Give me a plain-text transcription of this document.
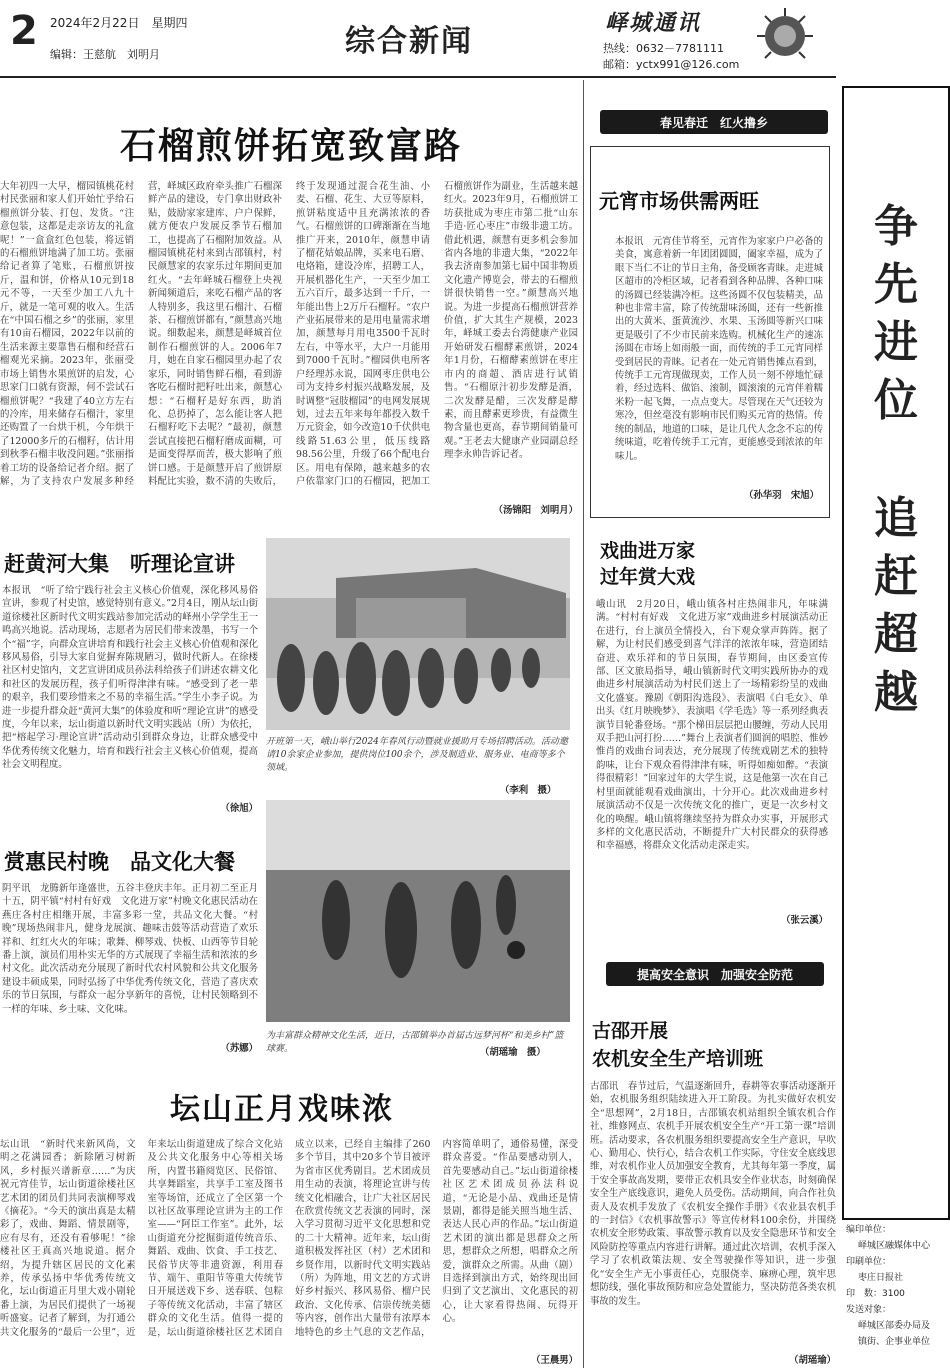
2 2024年2月22日　星期四
编辑：王慈航　刘明月	综合新闻
峄城通讯
热线：0632－7781111
邮箱：yctx991@126.com
石榴煎饼拓宽致富路
大年初四一大早，榴园镇桃花村村民张丽和家人们开始忙乎给石榴煎饼分装、打包、发货。“注意包装，这都是走亲访友的礼盒呢！”一盒盒红色包装，将远销的石榴煎饼地满了加工坊。张丽给记者算了笔账，石榴煎饼按斤，温和饼，价格从10元到18元不等，一天至少加工八九十斤，就是一笔可观的收入。生活在“中国石榴之乡”的张丽，家里有10亩石榴园，2022年以前的生活来源主要靠售石榴和经营石榴观光采摘。2023年，张丽受市场上销售水果煎饼的启发，心思家门口就有资源，何不尝试石榴煎饼呢？“我建了40立方左右的冷库，用来储存石榴汁，家里还购置了一台烘干机，今年烘干了12000多斤的石榴籽，估计用到秋季石榴丰收没问题。”张丽指着工坊的设备给记者介绍。据了解，为了支持农户发展多种经营，峄城区政府牵头推广石榴深鲜产品的建设，专门拿出财政补贴，鼓励家家建库、户户保鲜，就方便农户发展反季节石榴加工，也提高了石榴附加效益。从榴园镇桃花村来到古邵镇村，村民颜慧家的农家乐过年期间更加红火。“去年峄城石榴登上央视新闻频道后，来吃石榴产品的客人特别多，我这里石榴汁、石榴茶、石榴煎饼都有，”颜慧高兴地说。细数起来，颜慧是峄城首位制作石榴煎饼的人。2006年7月，她在自家石榴园里办起了农家乐，同时销售鲜石榴，看到游客吃石榴时把籽吐出来，颜慧心想：“石榴籽是好东西，助消化、总扔掉了，怎么能让客人把石榴籽吃下去呢？”最初，颜慧尝试直接把石榴籽磨成面糊，可是面变得厚而苦，极大影响了煎饼口感。于是颜慧开启了煎饼原料配比实验，数不清的失败后，终于发现通过混合花生油、小麦、石榴、花生、大豆等原料，煎饼粘度适中且充满浓浓的香气。石榴煎饼的口碑渐渐在当地推广开来，2010年，颜慧申请了榴花姑娘品牌，买来电石磨、电烙箱，建设冷库，招聘工人，开展机器化生产，一天至少加工五六百斤，最多达到一千斤，一年能出售上2万斤石榴籽。“农户产业拓展带来的是用电量需求增加，颜慧每月用电3500千瓦时左右，中等水平，大户一月能用到7000千瓦时。”榴园供电所客户经理苏永说，国网枣庄供电公司为支持乡村振兴战略发展，及时调整“冠肢榴园”的电网发展规划，过去五年来每年都投入数千万元资金，如今改造10千伏供电线路51.63公里，低压线路98.56公里，升级了66个配电台区。用电有保障，越来越多的农户依靠家门口的石榴园，把加工石榴煎饼作为副业，生活越来越红火。2023年9月，石榴煎饼工坊获批成为枣庄市第二批“山东手造·匠心枣庄”市级非遗工坊。借此机遇，颜慧有更多机会参加省内各地的非遗大集，“2022年我去济南参加第七届中国非物质文化遗产博览会，带去的石榴煎饼很快销售一空。”颜慧高兴地说。为进一步提高石榴煎饼营养价值，扩大其生产规模，2023年，峄城工委去台湾健康产业园开始研发石榴酵素煎饼，2024年1月份，石榴酵素煎饼在枣庄市内的商超、酒店进行试销售。“石榴原汁初步发酵是酒，二次发酵是醋，三次发酵是酵素，而且酵素更珍贵，有益微生物含量也更高，春节期间销量可观。”王老去大健康产业园副总经理李永帅告诉记者。
（汤锦阳　刘明月）
赶黄河大集　听理论宣讲
本报讯　“听了给宁践行社会主义核心价值观，深化移风易俗宣讲，参观了村史馆，感觉特别有意义。”2月4日，刚从坛山街道徐楼社区新时代文明实践站参加完活动的峄州小学学生王一鸣高兴地说。活动现场，志愿者为居民们带来泼墨，书写一个个“福”字，向群众宣讲培育和践行社会主义核心价值观和深化移风易俗，引导大家自觉摒弃陈规陋习，做时代新人。在徐楼社区村史馆内，文艺宣讲团成员孙法科给孩子们讲述农耕文化和社区的发展历程，孩子们听得津津有味。“感受到了老一辈的艰辛，我们要珍惜来之不易的幸福生活。”学生小李子说。为进一步提升群众赶“黄河大集”的体验度和听“理论宣讲”的感受度，今年以来，坛山街道以新时代文明实践站（所）为依托，把“榕起学习·理论宣讲”活动动引到群众身边，让群众感受中华优秀传统文化魅力，培育和践行社会主义核心价值观，提高社会文明程度。
（徐旭）
赏惠民村晚　品文化大餐
阴平讯　龙腾新年逢盛世，五谷丰登庆丰年。正月初二至正月十五，阴平镇“村村有好戏　文化进万家”村晚文化惠民活动在燕庄各村庄相继开展，丰富多彩一堂，共品文化大餐。“村晚”现场热闹非凡，健身龙展演、趣味击鼓等活动营造了欢乐祥和、红红火火的年味；歌舞、柳琴戏、快板、山西等节目轮番上演，演员们用朴实无华的方式展现了幸福生活和浓浓的乡村文化。此次活动充分展现了新时代农村风貌和公共文化服务建设丰硕成果，同时弘扬了中华优秀传统文化，营造了喜庆欢乐的节日氛围，与群众一起分享新年的喜悦，让村民领略到不一样的年味、乡土味、文化味。
（苏娜）
开班第一天，峨山举行2024年春风行动暨就业援助月专场招聘活动。活动邀请10余家企业参加，提供岗位100余个，涉及制造业、服务业、电商等多个领域。
（李利　摄）
为丰富群众精神文化生活，近日，古邵镇举办首届古远梦河杯“和美乡村”篮球赛。	（胡瑶瑜　摄）
坛山正月戏味浓
坛山讯　“新时代来新风尚，文明之花满园香；新除陋习树新风，乡村振兴谱新章……”为庆祝元宵佳节，坛山街道徐楼社区艺术团的团员们共同表演柳琴戏《摘花》。“今天的演出真是太精彩了，戏曲、舞蹈、情景剧等，应有尽有，还没有看够呢！”徐楼社区王真高兴地说道。据介绍，为提升辖区居民的文化素养，传承弘扬中华优秀传统文化，坛山街道正月里大戏小剧轮番上演，为居民们提供了一场视听盛宴。记者了解到，为打通公共文化服务的“最后一公里”，近年来坛山街道建成了综合文化站及公共文化服务中心等相关场所，内置书籍阅览区、民俗馆、共享舞蹈室，共享手工室及图书室等场馆，还成立了全区第一个以社区故事理论宣讲为主的工作室——“阿臣工作室”。此外，坛山街道充分挖掘街道传统音乐、舞蹈、戏曲、饮食、手工技艺、民俗节庆等非遗资源，利用春节、端午、重阳节等重大传统节日开展送戏下乡、送春联、包粽子等传统文化活动，丰富了辖区群众的文化生活。值得一提的是，坛山街道徐楼社区艺术团自成立以来，已经自主编排了260多个节目，其中20多个节目被评为省市区优秀剧目。艺术团成员用生动的表演，将理论宣讲与传统文化相融合，让广大社区居民在欣赏传统文艺表演的同时，深入学习贯彻习近平文化思想和党的二十大精神。近年来，坛山街道积极发挥社区（村）艺术团和乡贤作用，以新时代文明实践站（所）为阵地，用文艺的方式讲好乡村振兴、移风易俗、榴户民政治、文化传承、信崇传统美德等内容，创作出大量带有浓厚本地特色的乡土气息的文艺作品，内容简单明了，通俗易懂，深受群众喜爱。“作品要感动别人，首先要感动自己。”坛山街道徐楼社区艺术团成员孙法科说道，“无论是小品、戏曲还是情景剧，都得是能关照当地生活、表达人民心声的作品。”坛山街道艺术团的演出都是思群众之所思，想群众之所想，唱群众之所爱，演群众之所需。从曲（剧）目选择到演出方式，始终现出回归到了文艺演出、文化惠民的初心，让大家看得热闹、玩得开心。
（王晨男）
春见春迁　红火撸乡
元宵市场供需两旺
本报讯　元宵佳节将至，元宵作为家家户户必备的美食，寓意着新一年团团圆圆，阖家幸福，成为了眼下当仁不让的节日主角，备受顾客青睐。走进城区超市的冷柜区域，记者看到各种品牌、各种口味的汤圆已经装满冷柜。这些汤圆不仅包装精美，品种也非常丰富，除了传统甜味汤圆，还有一些新推出的大黄米、蛋黄流沙、水果、玉汤圆等新兴口味更是吸引了不少市民前来选购。机械化生产的速冻汤圆在市场上如雨般一面，而传统的手工元宵同样受到居民的青睐。记者在一处元宵销售摊点看到，传统手工元宵现做现卖，工作人员一刻不停地忙碌着，经过选料、做馅、滚制，圆滚滚的元宵伴着糯米粉一起飞舞，一点点变大。尽管现在天气还较为寒冷，但丝毫没有影响市民们购买元宵的热情。传统的制品，地道的口味，是让几代人念念不忘的传统味道，吃着传统手工元宵，更能感受到浓浓的年味儿。
（孙华羽　宋旭）
戏曲进万家
过年赏大戏
峨山讯　2月20日，峨山镇各村庄热闹非凡，年味满满。“村村有好戏　文化进万家”戏曲进乡村展演活动正在进行，台上演员全情投入，台下观众掌声阵阵。据了解，为让村民们感受到喜气洋洋的浓浓年味，营造团结奋进、欢乐祥和的节日氛围，春节期间，由区委宣传部、区文旅局指导，峨山镇新时代文明实践所协办的戏曲进乡村展演活动为村民们送上了一场精彩纷呈的戏曲文化盛宴。豫剧《朝阳沟选段》、表演唱《白毛女》、单出头《红月映晚梦》、表演唱《学毛选》等一系列经典表演节目轮番登场。“那个梯田层层把山腰缠，劳动人民用双手把山河打扮……”舞台上表演者们圆润的唱腔、惟妙惟肖的戏曲台词表达，充分展现了传统戏剧艺术的独特韵味，让台下观众看得津津有味，听得如痴如醉。“表演得很精彩！”回家过年的大学生说，这是他第一次在自己村里面就能观看戏曲演出，十分开心。此次戏曲进乡村展演活动不仅是一次传统文化的推广，更是一次乡村文化的唤醒。峨山镇将继续坚持为群众办实事，开展形式多样的文化惠民活动，不断提升广大村民群众的获得感和幸福感，将群众文化活动走深走实。
（张云溪）
提高安全意识　加强安全防范
古邵开展
农机安全生产培训班
古邵讯　春节过后，气温逐渐回升，春耕等农事活动逐渐开始，农机服务组织陆续进入开工阶段。为扎实做好农机安全“思想网”，2月18日，古邵镇农机站组织全镇农机合作社、维修网点、农机手开展农机安全生产“开工第一课”培训班。活动要求，各农机服务组织要提高安全生产意识，早吹心、勤用心、快行心，结合农机工作实际，守住安全底线思维，对农机作业人员加强安全教育，尤其每年第一季度，属于安全事故高发期，要带正农机具安全作业状态，时刻确保安全生产底线意识，避免人员受伤。活动期间，向合作社负责人及农机手发放了《农机安全操作手册》《农业县农机手的一封信》《农机事故警示》等宣传材料100余份，并围绕农机安全形势政策、事故警示教育以及安全隐患环节和安全风险防控等重点内容进行讲解。通过此次培训，农机手深入学习了农机政策法规、安全驾驶操作等知识，进一步强化“安全生产无小事责任心，克服侥幸、麻痹心理，筑牢思想防线，强化事故预防和应急处置能力，坚决防范各类农机事故的发生。
（胡瑶瑜）
争
先
进
位
追
赶
超
越
编印单位：
峄城区融媒体中心
印刷单位：
枣庄日报社
印　数：3100
发送对象：
峄城区部委办局及
镇街、企事业单位
